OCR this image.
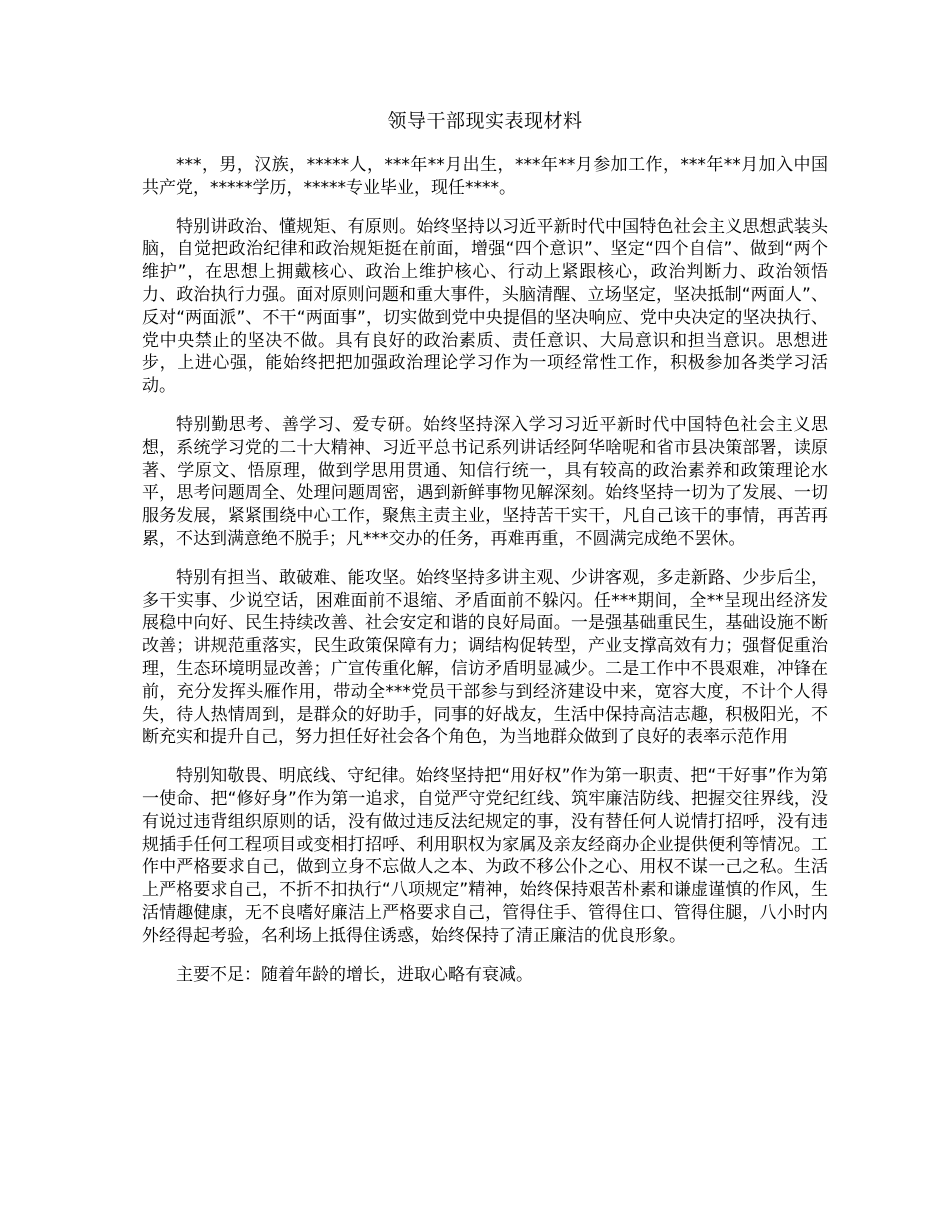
领导干部现实表现材料

***，男，汉族，*****人，***年**月出生，***年**月参加工作，***年**月加入中国共产党，*****学历，*****专业毕业，现任****。

特别讲政治、懂规矩、有原则。始终坚持以习近平新时代中国特色社会主义思想武装头脑，自觉把政治纪律和政治规矩挺在前面，增强“四个意识”、坚定“四个自信”、做到“两个维护”，在思想上拥戴核心、政治上维护核心、行动上紧跟核心，政治判断力、政治领悟力、政治执行力强。面对原则问题和重大事件，头脑清醒、立场坚定，坚决抵制“两面人”、反对“两面派”、不干“两面事”，切实做到党中央提倡的坚决响应、党中央决定的坚决执行、党中央禁止的坚决不做。具有良好的政治素质、责任意识、大局意识和担当意识。思想进步，上进心强，能始终把把加强政治理论学习作为一项经常性工作，积极参加各类学习活动。

特别勤思考、善学习、爱专研。始终坚持深入学习习近平新时代中国特色社会主义思想，系统学习党的二十大精神、习近平总书记系列讲话经阿华啥呢和省市县决策部署，读原著、学原文、悟原理，做到学思用贯通、知信行统一，具有较高的政治素养和政策理论水平，思考问题周全、处理问题周密，遇到新鲜事物见解深刻。始终坚持一切为了发展、一切服务发展，紧紧围绕中心工作，聚焦主责主业，坚持苦干实干，凡自己该干的事情，再苦再累，不达到满意绝不脱手；凡***交办的任务，再难再重，不圆满完成绝不罢休。

特别有担当、敢破难、能攻坚。始终坚持多讲主观、少讲客观，多走新路、少步后尘，多干实事、少说空话，困难面前不退缩、矛盾面前不躲闪。任***期间，全**呈现出经济发展稳中向好、民生持续改善、社会安定和谐的良好局面。一是强基础重民生，基础设施不断改善；讲规范重落实，民生政策保障有力；调结构促转型，产业支撑高效有力；强督促重治理，生态环境明显改善；广宣传重化解，信访矛盾明显减少。二是工作中不畏艰难，冲锋在前，充分发挥头雁作用，带动全***党员干部参与到经济建设中来，宽容大度，不计个人得失，待人热情周到，是群众的好助手，同事的好战友，生活中保持高洁志趣，积极阳光，不断充实和提升自己，努力担任好社会各个角色，为当地群众做到了良好的表率示范作用

特别知敬畏、明底线、守纪律。始终坚持把“用好权”作为第一职责、把“干好事”作为第一使命、把“修好身”作为第一追求，自觉严守党纪红线、筑牢廉洁防线、把握交往界线，没有说过违背组织原则的话，没有做过违反法纪规定的事，没有替任何人说情打招呼，没有违规插手任何工程项目或变相打招呼、利用职权为家属及亲友经商办企业提供便利等情况。工作中严格要求自己，做到立身不忘做人之本、为政不移公仆之心、用权不谋一己之私。生活上严格要求自己，不折不扣执行“八项规定”精神，始终保持艰苦朴素和谦虚谨慎的作风，生活情趣健康，无不良嗜好廉洁上严格要求自己，管得住手、管得住口、管得住腿，八小时内外经得起考验，名利场上抵得住诱惑，始终保持了清正廉洁的优良形象。

主要不足：随着年龄的增长，进取心略有衰减。
